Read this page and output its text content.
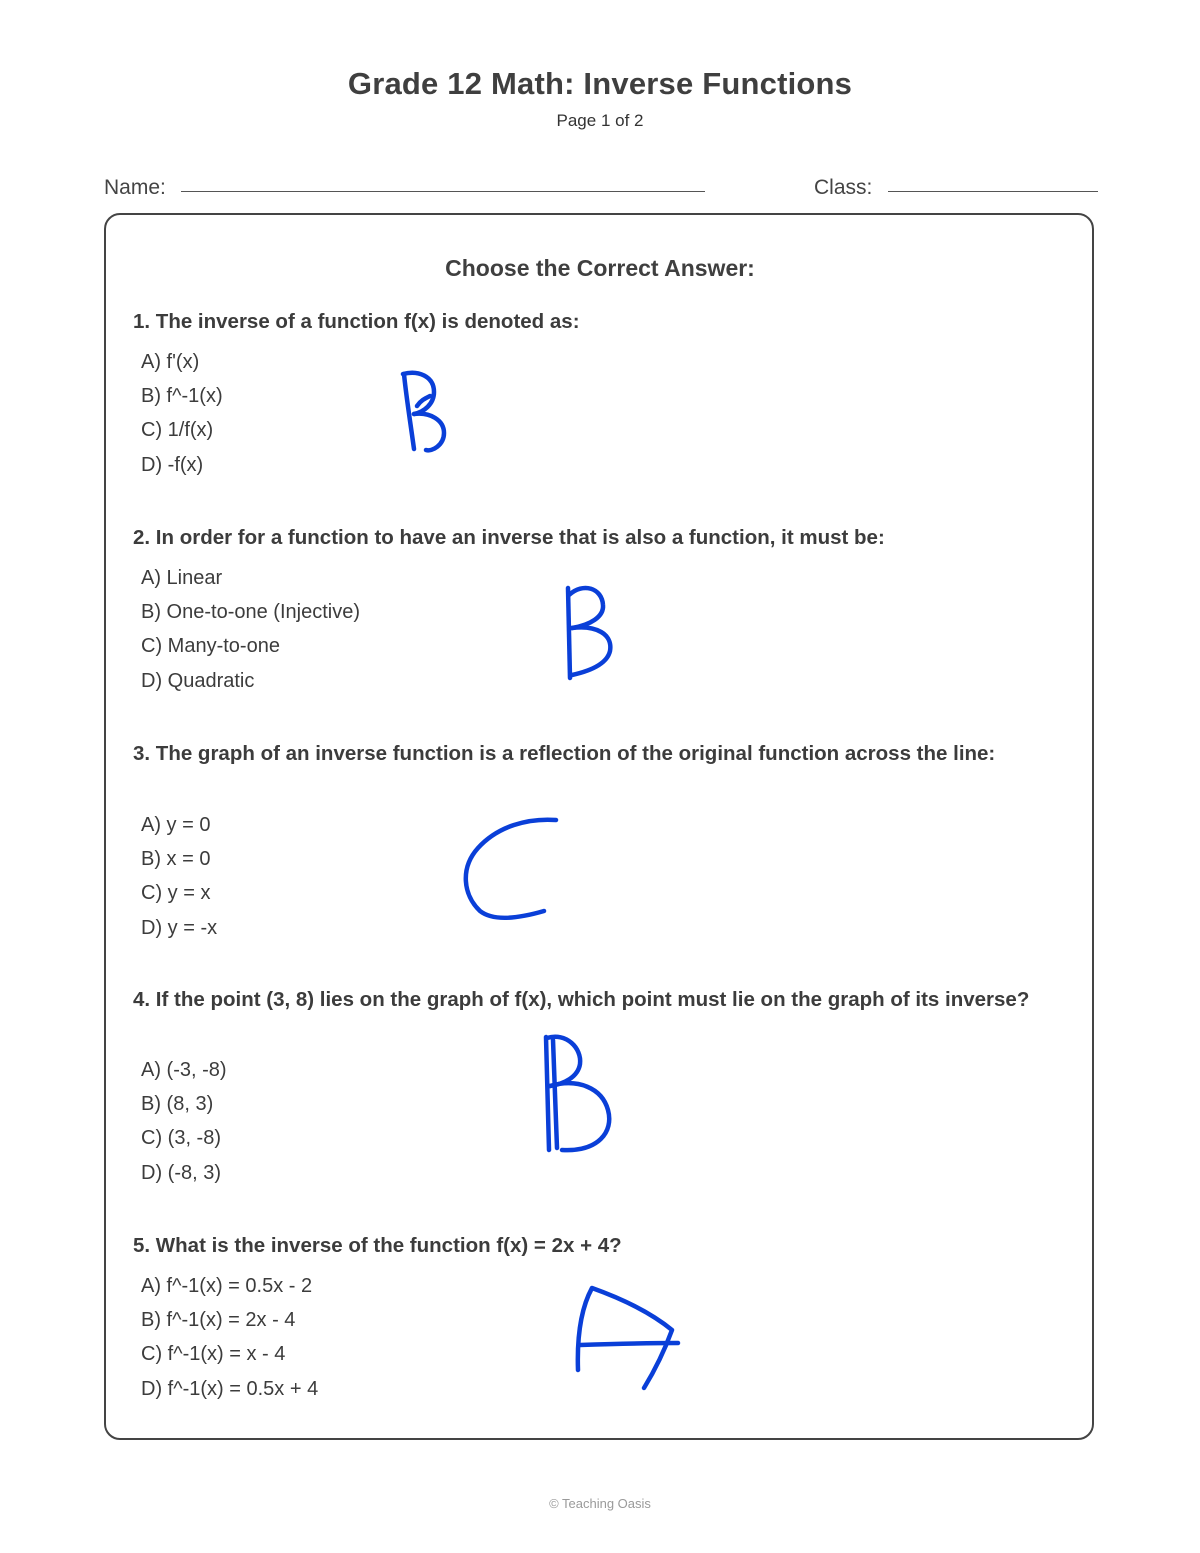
Grade 12 Math: Inverse Functions
Page 1 of 2
Name:	Class:
Choose the Correct Answer:
1. The inverse of a function f(x) is denoted as:
A) f'(x)
B) f^-1(x)
C) 1/f(x)
D) -f(x)
2. In order for a function to have an inverse that is also a function, it must be:
A) Linear
B) One-to-one (Injective)
C) Many-to-one
D) Quadratic
3. The graph of an inverse function is a reflection of the original function across the line:
A) y = 0
B) x = 0
C) y = x
D) y = -x
4. If the point (3, 8) lies on the graph of f(x), which point must lie on the graph of its inverse?
A) (-3, -8)
B) (8, 3)
C) (3, -8)
D) (-8, 3)
5. What is the inverse of the function f(x) = 2x + 4?
A) f^-1(x) = 0.5x - 2
B) f^-1(x) = 2x - 4
C) f^-1(x) = x - 4
D) f^-1(x) = 0.5x + 4
© Teaching Oasis
